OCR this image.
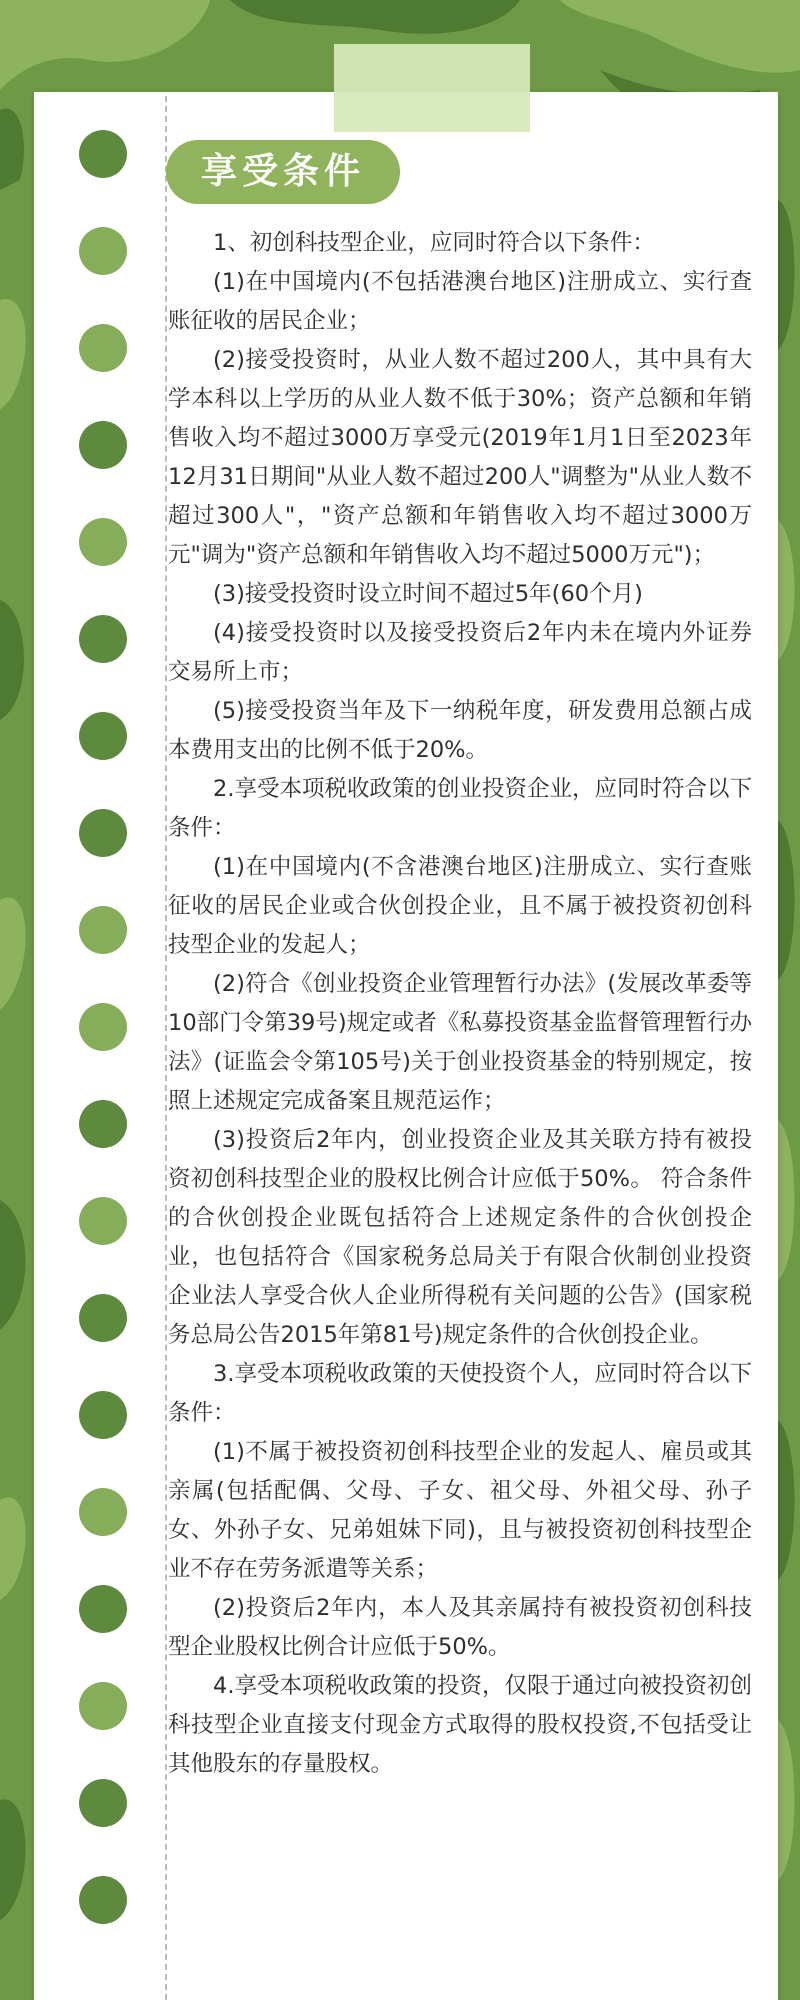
享受条件

1、初创科技型企业，应同时符合以下条件：

(1)在中国境内(不包括港澳台地区)注册成立、实行查账征收的居民企业；

(2)接受投资时，从业人数不超过200人，其中具有大学本科以上学历的从业人数不低于30%；资产总额和年销售收入均不超过3000万享受元(2019年1月1日至2023年12月31日期间"从业人数不超过200人"调整为"从业人数不超过300人"，"资产总额和年销售收入均不超过3000万元"调为"资产总额和年销售收入均不超过5000万元")；

(3)接受投资时设立时间不超过5年(60个月)

(4)接受投资时以及接受投资后2年内未在境内外证券交易所上市；

(5)接受投资当年及下一纳税年度，研发费用总额占成本费用支出的比例不低于20%。

2.享受本项税收政策的创业投资企业，应同时符合以下条件：

(1)在中国境内(不含港澳台地区)注册成立、实行查账征收的居民企业或合伙创投企业，且不属于被投资初创科技型企业的发起人；

(2)符合《创业投资企业管理暂行办法》(发展改革委等10部门令第39号)规定或者《私募投资基金监督管理暂行办法》(证监会令第105号)关于创业投资基金的特别规定，按照上述规定完成备案且规范运作；

(3)投资后2年内，创业投资企业及其关联方持有被投资初创科技型企业的股权比例合计应低于50%。 符合条件的合伙创投企业既包括符合上述规定条件的合伙创投企业，也包括符合《国家税务总局关于有限合伙制创业投资企业法人享受合伙人企业所得税有关问题的公告》(国家税务总局公告2015年第81号)规定条件的合伙创投企业。

3.享受本项税收政策的天使投资个人，应同时符合以下条件：

(1)不属于被投资初创科技型企业的发起人、雇员或其亲属(包括配偶、父母、子女、祖父母、外祖父母、孙子女、外孙子女、兄弟姐妹下同)，且与被投资初创科技型企业不存在劳务派遣等关系；

(2)投资后2年内，本人及其亲属持有被投资初创科技型企业股权比例合计应低于50%。

4.享受本项税收政策的投资，仅限于通过向被投资初创科技型企业直接支付现金方式取得的股权投资,不包括受让其他股东的存量股权。
